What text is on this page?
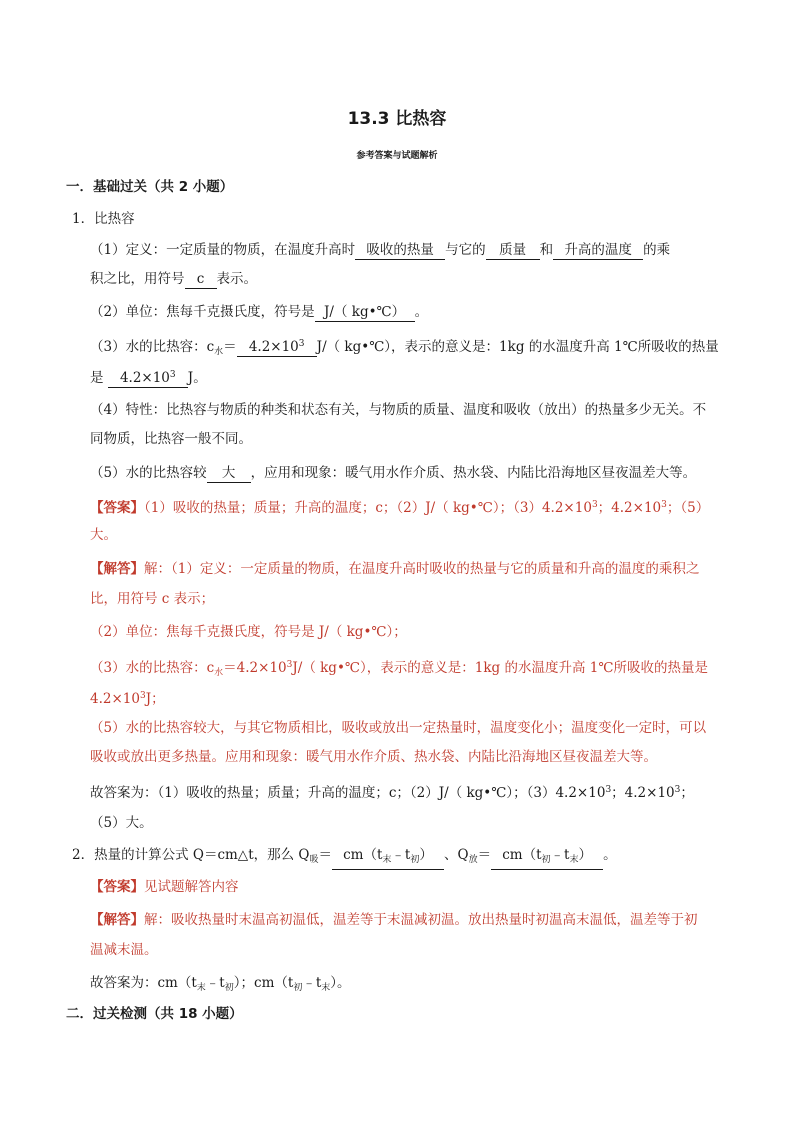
13.3 比热容
参考答案与试题解析
一．基础过关（共 2 小题）
1．比热容
（1）定义：一定质量的物质，在温度升高时 吸收的热量 与它的 质量 和 升高的温度 的乘
积之比，用符号 c 表示。
（2）单位：焦每千克摄氏度，符号是 J/（ kg•℃） 。
（3）水的比热容：$c_水= 4.2\times 10^3$ J/（ kg•℃），表示的意义是：1kg 的水温度升高 1℃所吸收的热量
是 $4.2\times 10^3$ J。
（4）特性：比热容与物质的种类和状态有关，与物质的质量、温度和吸收（放出）的热量多少无关。不
同物质，比热容一般不同。
（5）水的比热容较 大 ，应用和现象：暖气用水作介质、热水袋、内陆比沿海地区昼夜温差大等。
【答案】（1）吸收的热量；质量；升高的温度；c；（2）J/（ kg•℃）；$(3)4.2\times 10^3$；$4.2\times 10^3$；（5）
大。
【解答】解：（1）定义：一定质量的物质，在温度升高时吸收的热量与它的质量和升高的温度的乘积之
比，用符号 c 表示；
（2）单位：焦每千克摄氏度，符号是 J/（ kg•℃）；
（3）水的比热容：$c_水=4.2\times 10^3J/$（ kg•℃），表示的意义是：1kg 的水温度升高 1℃所吸收的热量是
$4.2\times 10^3J$；
（5）水的比热容较大，与其它物质相比，吸收或放出一定热量时，温度变化小；温度变化一定时，可以
吸收或放出更多热量。应用和现象：暖气用水作介质、热水袋、内陆比沿海地区昼夜温差大等。
故答案为：（1）吸收的热量；质量；升高的温度；c；（2）J/（ kg•℃）；$(3)4.2\times 10^3$；$4.2\times 10^3$；
（5）大。
2．热量的计算公式 Q＝cm△t，那么 $Q_吸=$ $cm(t_末﹣t_初)$ 、$Q_放=$ $cm(t_初﹣t_末)$ 。
【答案】见试题解答内容
【解答】解：吸收热量时末温高初温低，温差等于末温减初温。放出热量时初温高末温低，温差等于初
温减末温。
故答案为：$cm(t_末﹣t_初)$；$cm(t_初﹣t_末)$。
二．过关检测（共 18 小题）
